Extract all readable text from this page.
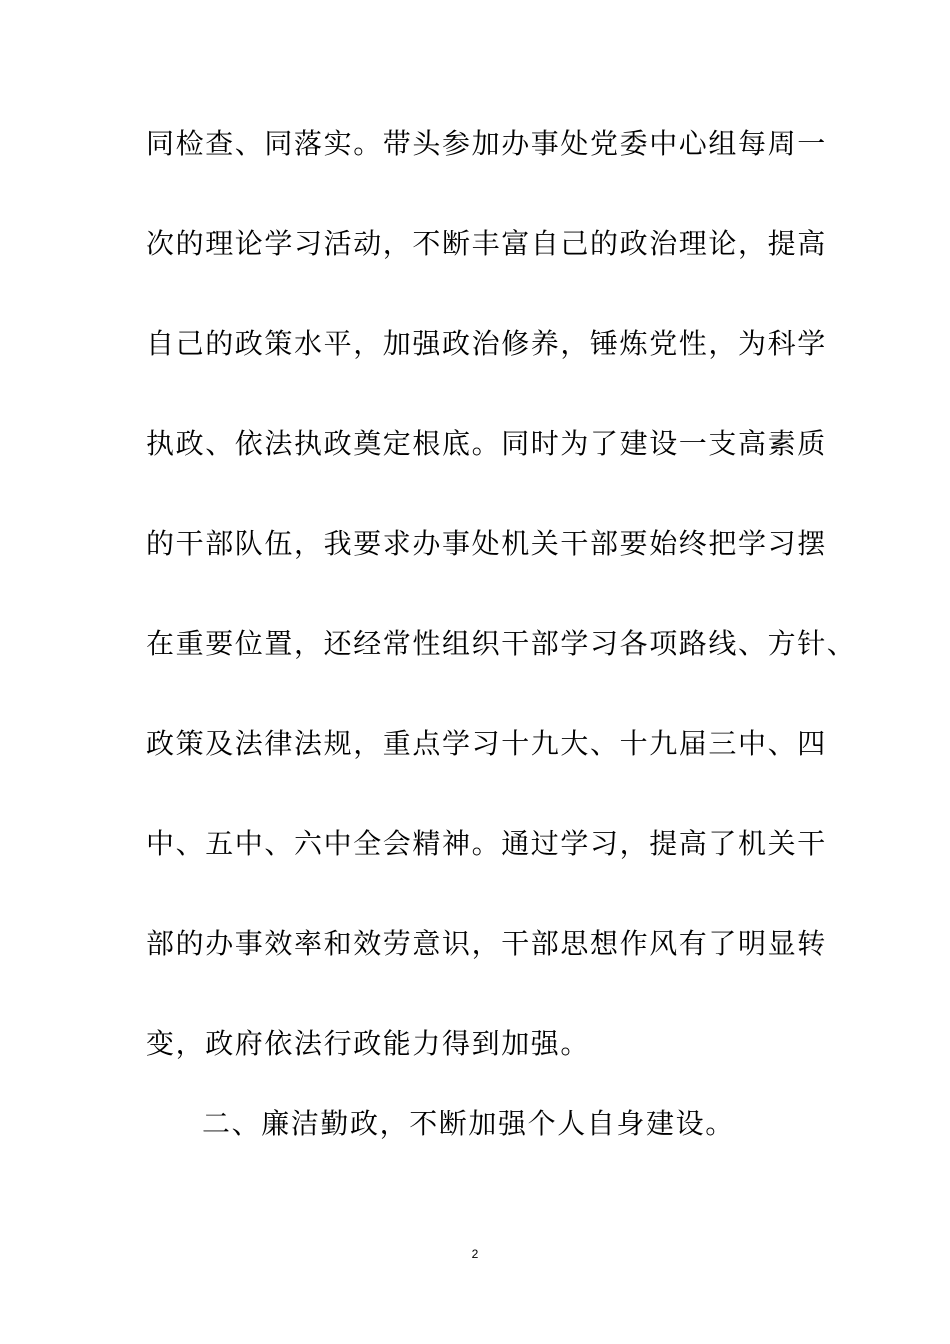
同检查、同落实。带头参加办事处党委中心组每周一
次的理论学习活动，不断丰富自己的政治理论，提高
自己的政策水平，加强政治修养，锤炼党性，为科学
执政、依法执政奠定根底。同时为了建设一支高素质
的干部队伍，我要求办事处机关干部要始终把学习摆
在重要位置，还经常性组织干部学习各项路线、方针、
政策及法律法规，重点学习十九大、十九届三中、四
中、五中、六中全会精神。通过学习，提高了机关干
部的办事效率和效劳意识，干部思想作风有了明显转
变，政府依法行政能力得到加强。
二、廉洁勤政，不断加强个人自身建设。
2
